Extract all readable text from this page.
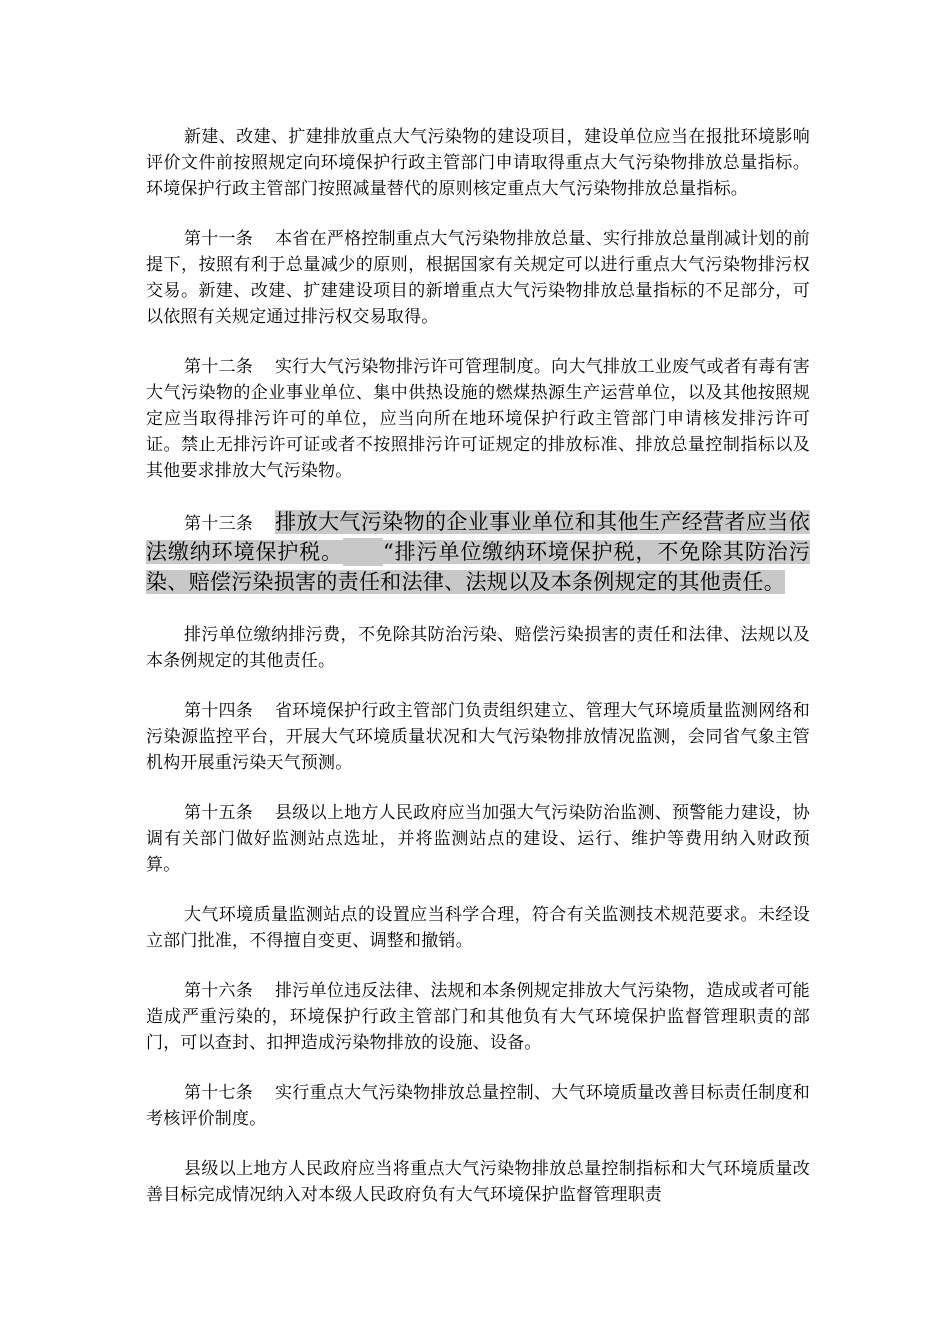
新建、改建、扩建排放重点大气污染物的建设项目，建设单位应当在报批环境影响评价文件前按照规定向环境保护行政主管部门申请取得重点大气污染物排放总量指标。环境保护行政主管部门按照减量替代的原则核定重点大气污染物排放总量指标。

第十一条 本省在严格控制重点大气污染物排放总量、实行排放总量削减计划的前提下，按照有利于总量减少的原则，根据国家有关规定可以进行重点大气污染物排污权交易。新建、改建、扩建建设项目的新增重点大气污染物排放总量指标的不足部分，可以依照有关规定通过排污权交易取得。

第十二条 实行大气污染物排污许可管理制度。向大气排放工业废气或者有毒有害大气污染物的企业事业单位、集中供热设施的燃煤热源生产运营单位，以及其他按照规定应当取得排污许可的单位，应当向所在地环境保护行政主管部门申请核发排污许可证。禁止无排污许可证或者不按照排污许可证规定的排放标准、排放总量控制指标以及其他要求排放大气污染物。

第十三条 排放大气污染物的企业事业单位和其他生产经营者应当依法缴纳环境保护税。 “排污单位缴纳环境保护税，不免除其防治污染、赔偿污染损害的责任和法律、法规以及本条例规定的其他责任。

排污单位缴纳排污费，不免除其防治污染、赔偿污染损害的责任和法律、法规以及本条例规定的其他责任。

第十四条 省环境保护行政主管部门负责组织建立、管理大气环境质量监测网络和污染源监控平台，开展大气环境质量状况和大气污染物排放情况监测，会同省气象主管机构开展重污染天气预测。

第十五条 县级以上地方人民政府应当加强大气污染防治监测、预警能力建设，协调有关部门做好监测站点选址，并将监测站点的建设、运行、维护等费用纳入财政预算。

大气环境质量监测站点的设置应当科学合理，符合有关监测技术规范要求。未经设立部门批准，不得擅自变更、调整和撤销。

第十六条 排污单位违反法律、法规和本条例规定排放大气污染物，造成或者可能造成严重污染的，环境保护行政主管部门和其他负有大气环境保护监督管理职责的部门，可以查封、扣押造成污染物排放的设施、设备。

第十七条 实行重点大气污染物排放总量控制、大气环境质量改善目标责任制度和考核评价制度。

县级以上地方人民政府应当将重点大气污染物排放总量控制指标和大气环境质量改善目标完成情况纳入对本级人民政府负有大气环境保护监督管理职责
